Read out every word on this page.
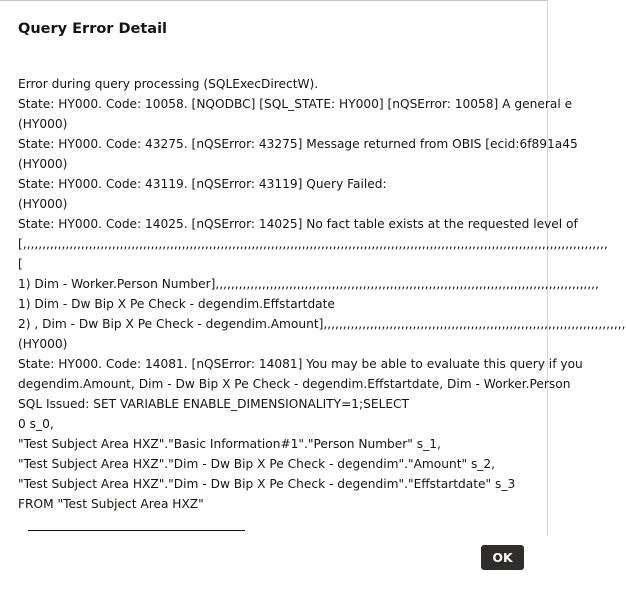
Query Error Detail
Error during query processing (SQLExecDirectW).
State: HY000. Code: 10058. [NQODBC] [SQL_STATE: HY000] [nQSError: 10058] A general e
(HY000)
State: HY000. Code: 43275. [nQSError: 43275] Message returned from OBIS [ecid:6f891a45
(HY000)
State: HY000. Code: 43119. [nQSError: 43119] Query Failed:
(HY000)
State: HY000. Code: 14025. [nQSError: 14025] No fact table exists at the requested level of
[,,,,,,,,,,,,,,,,,,,,,,,,,,,,,,,,,,,,,,,,,,,,,,,,,,,,,,,,,,,,,,,,,,,,,,,,,,,,,,,,,,,,,,,,,,,,,,,,,,,,,,,,,,,,,,,,,,,,,,,,,,,,,,,,,,,,,,,,,,,,,,,,,,,,,,,
[
1) Dim - Worker.Person Number],,,,,,,,,,,,,,,,,,,,,,,,,,,,,,,,,,,,,,,,,,,,,,,,,,,,,,,,,,,,,,,,,,,,,,,,,,,,,,,,,,,,,,,,,,,,,,,,,,,
1) Dim - Dw Bip X Pe Check - degendim.Effstartdate
2) , Dim - Dw Bip X Pe Check - degendim.Amount],,,,,,,,,,,,,,,,,,,,,,,,,,,,,,,,,,,,,,,,,,,,,,,,,,,,,,,,,,,,,,,,,,,,,,,,,,,,,,
(HY000)
State: HY000. Code: 14081. [nQSError: 14081] You may be able to evaluate this query if you
degendim.Amount, Dim - Dw Bip X Pe Check - degendim.Effstartdate, Dim - Worker.Person
SQL Issued: SET VARIABLE ENABLE_DIMENSIONALITY=1;SELECT
0 s_0,
"Test Subject Area HXZ"."Basic Information#1"."Person Number" s_1,
"Test Subject Area HXZ"."Dim - Dw Bip X Pe Check - degendim"."Amount" s_2,
"Test Subject Area HXZ"."Dim - Dw Bip X Pe Check - degendim"."Effstartdate" s_3
FROM "Test Subject Area HXZ"

OK
